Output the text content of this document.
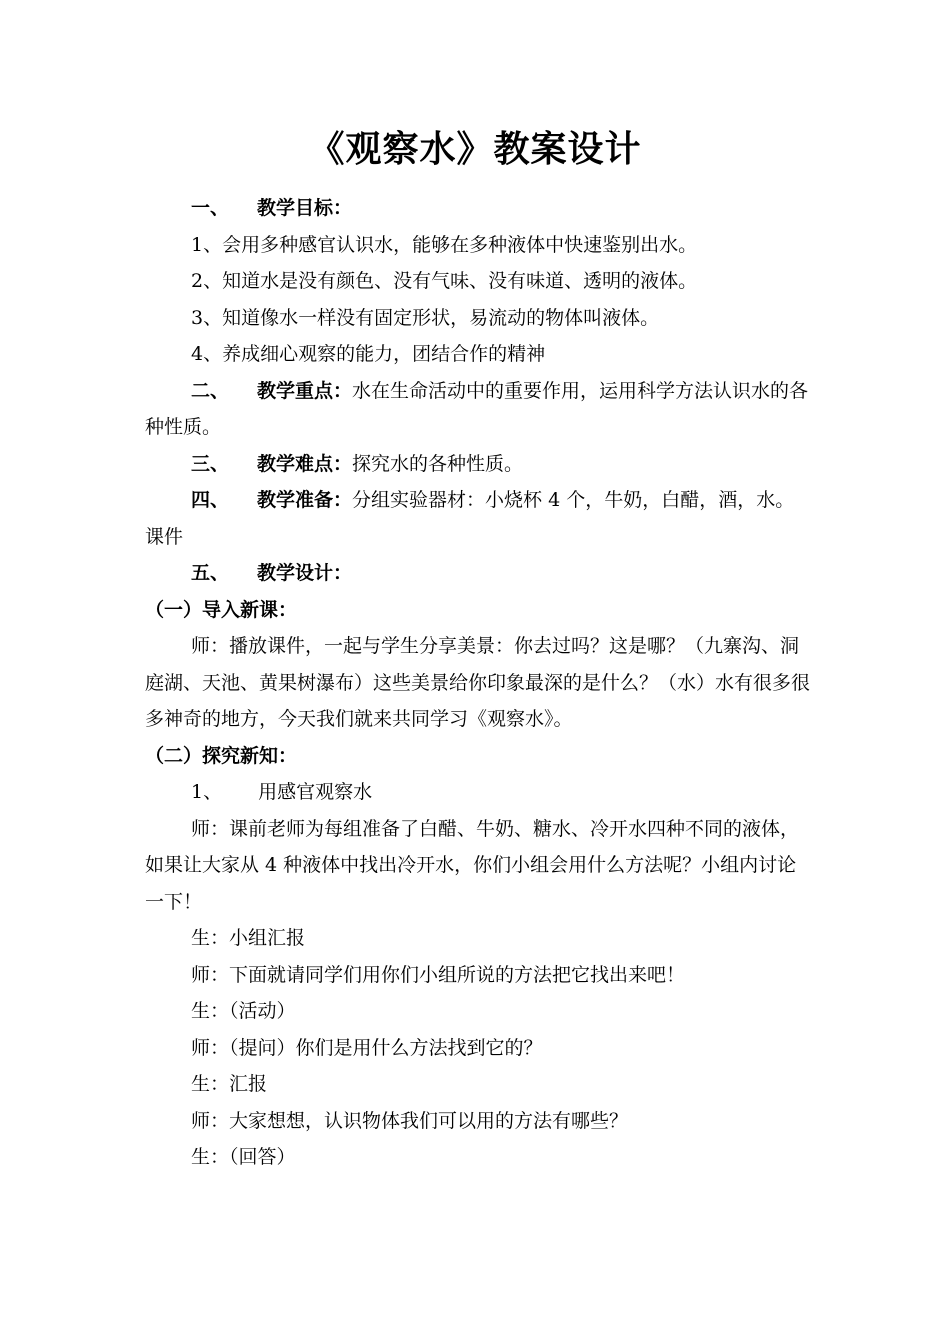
《观察水》教案设计

一、 教学目标：

1、会用多种感官认识水，能够在多种液体中快速鉴别出水。

2、知道水是没有颜色、没有气味、没有味道、透明的液体。

3、知道像水一样没有固定形状，易流动的物体叫液体。

4、养成细心观察的能力，团结合作的精神

二、 教学重点：水在生命活动中的重要作用，运用科学方法认识水的各种性质。

三、 教学难点：探究水的各种性质。

四、 教学准备：分组实验器材：小烧杯 4 个，牛奶，白醋，酒，水。课件

五、 教学设计：

（一）导入新课：

师：播放课件，一起与学生分享美景：你去过吗？这是哪？（九寨沟、洞庭湖、天池、黄果树瀑布）这些美景给你印象最深的是什么？（水）水有很多很多神奇的地方，今天我们就来共同学习《观察水》。

（二）探究新知：

1、 用感官观察水

师：课前老师为每组准备了白醋、牛奶、糖水、冷开水四种不同的液体，如果让大家从 4 种液体中找出冷开水，你们小组会用什么方法呢？小组内讨论一下！

生：小组汇报

师：下面就请同学们用你们小组所说的方法把它找出来吧！

生：（活动）

师：（提问）你们是用什么方法找到它的？

生：汇报

师：大家想想，认识物体我们可以用的方法有哪些？

生：（回答）
